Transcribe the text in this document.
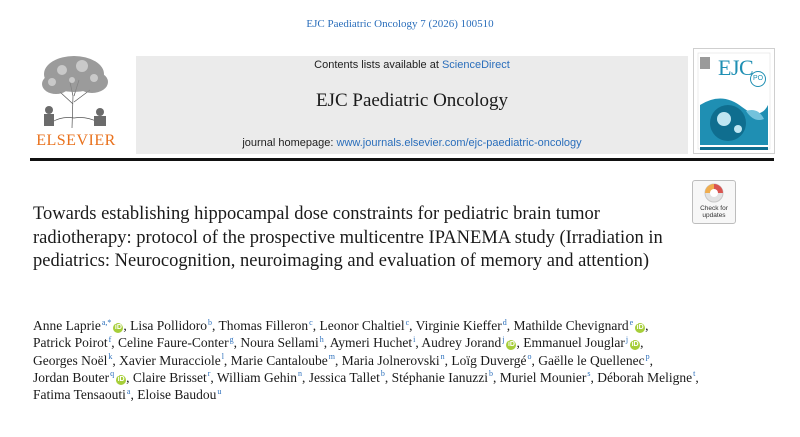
EJC Paediatric Oncology 7 (2026) 100510
ELSEVIER
Contents lists available at ScienceDirect
EJC Paediatric Oncology
journal homepage: www.journals.elsevier.com/ejc-paediatric-oncology
EJC PO
Towards establishing hippocampal dose constraints for pediatric brain tumor radiotherapy: protocol of the prospective multicentre IPANEMA study (Irradiation in pediatrics: Neurocognition, neuroimaging and evaluation of memory and attention)
Check for
updates
Anne Laprie$^{a,*}$iD , Lisa Pollidoro$^b$, Thomas Filleron$^c$, Leonor Chaltiel$^c$, Virginie Kieffer$^d$, Mathilde Chevignard$^e$iD , Patrick Poirot$^f$, Celine Faure-Conter$^g$, Noura Sellami$^h$, Aymeri Huchet$^i$, Audrey Jorand$^j$iD , Emmanuel Jouglar$^j$iD , Georges Noël$^k$, Xavier Muracciole$^l$, Marie Cantaloube$^m$, Maria Jolnerovski$^n$, Loïg Duvergé$^o$, Gaëlle le Quellenec$^p$, Jordan Bouter$^q$iD , Claire Brisset$^r$, William Gehin$^n$, Jessica Tallet$^b$, Stéphanie Ianuzzi$^b$, Muriel Mounier$^s$, Déborah Meligne$^t$, Fatima Tensaouti$^a$, Eloise Baudou$^u$
